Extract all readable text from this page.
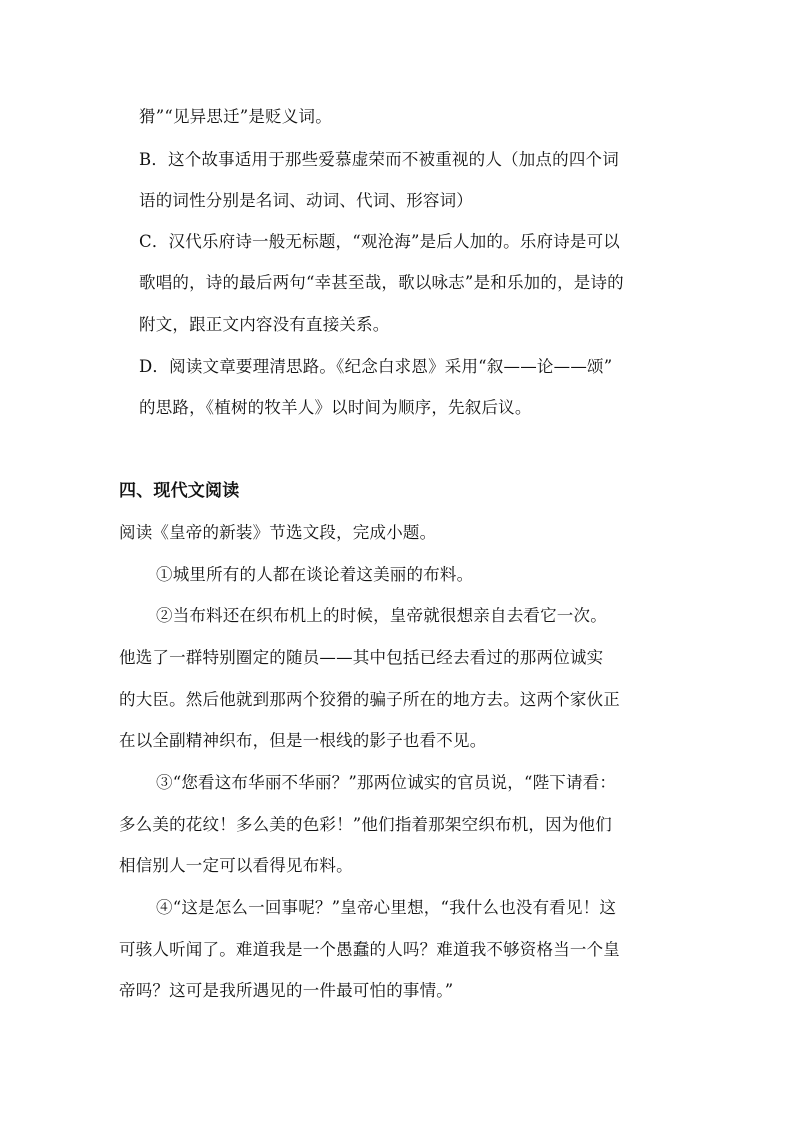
猾”“见异思迁”是贬义词。
B．这个故事适用于那些爱慕虚荣而不被重视的人（加点的四个词
语的词性分别是名词、动词、代词、形容词）
C．汉代乐府诗一般无标题，“观沧海”是后人加的。乐府诗是可以
歌唱的，诗的最后两句“幸甚至哉，歌以咏志”是和乐加的，是诗的
附文，跟正文内容没有直接关系。
D．阅读文章要理清思路。《纪念白求恩》采用“叙——论——颂”
的思路，《植树的牧羊人》以时间为顺序，先叙后议。
四、现代文阅读
阅读《皇帝的新装》节选文段，完成小题。
①城里所有的人都在谈论着这美丽的布料。
②当布料还在织布机上的时候，皇帝就很想亲自去看它一次。
他选了一群特别圈定的随员——其中包括已经去看过的那两位诚实
的大臣。然后他就到那两个狡猾的骗子所在的地方去。这两个家伙正
在以全副精神织布，但是一根线的影子也看不见。
③“您看这布华丽不华丽？”那两位诚实的官员说，“陛下请看：
多么美的花纹！多么美的色彩！”他们指着那架空织布机，因为他们
相信别人一定可以看得见布料。
④“这是怎么一回事呢？”皇帝心里想，“我什么也没有看见！这
可骇人听闻了。难道我是一个愚蠢的人吗？难道我不够资格当一个皇
帝吗？这可是我所遇见的一件最可怕的事情。”
